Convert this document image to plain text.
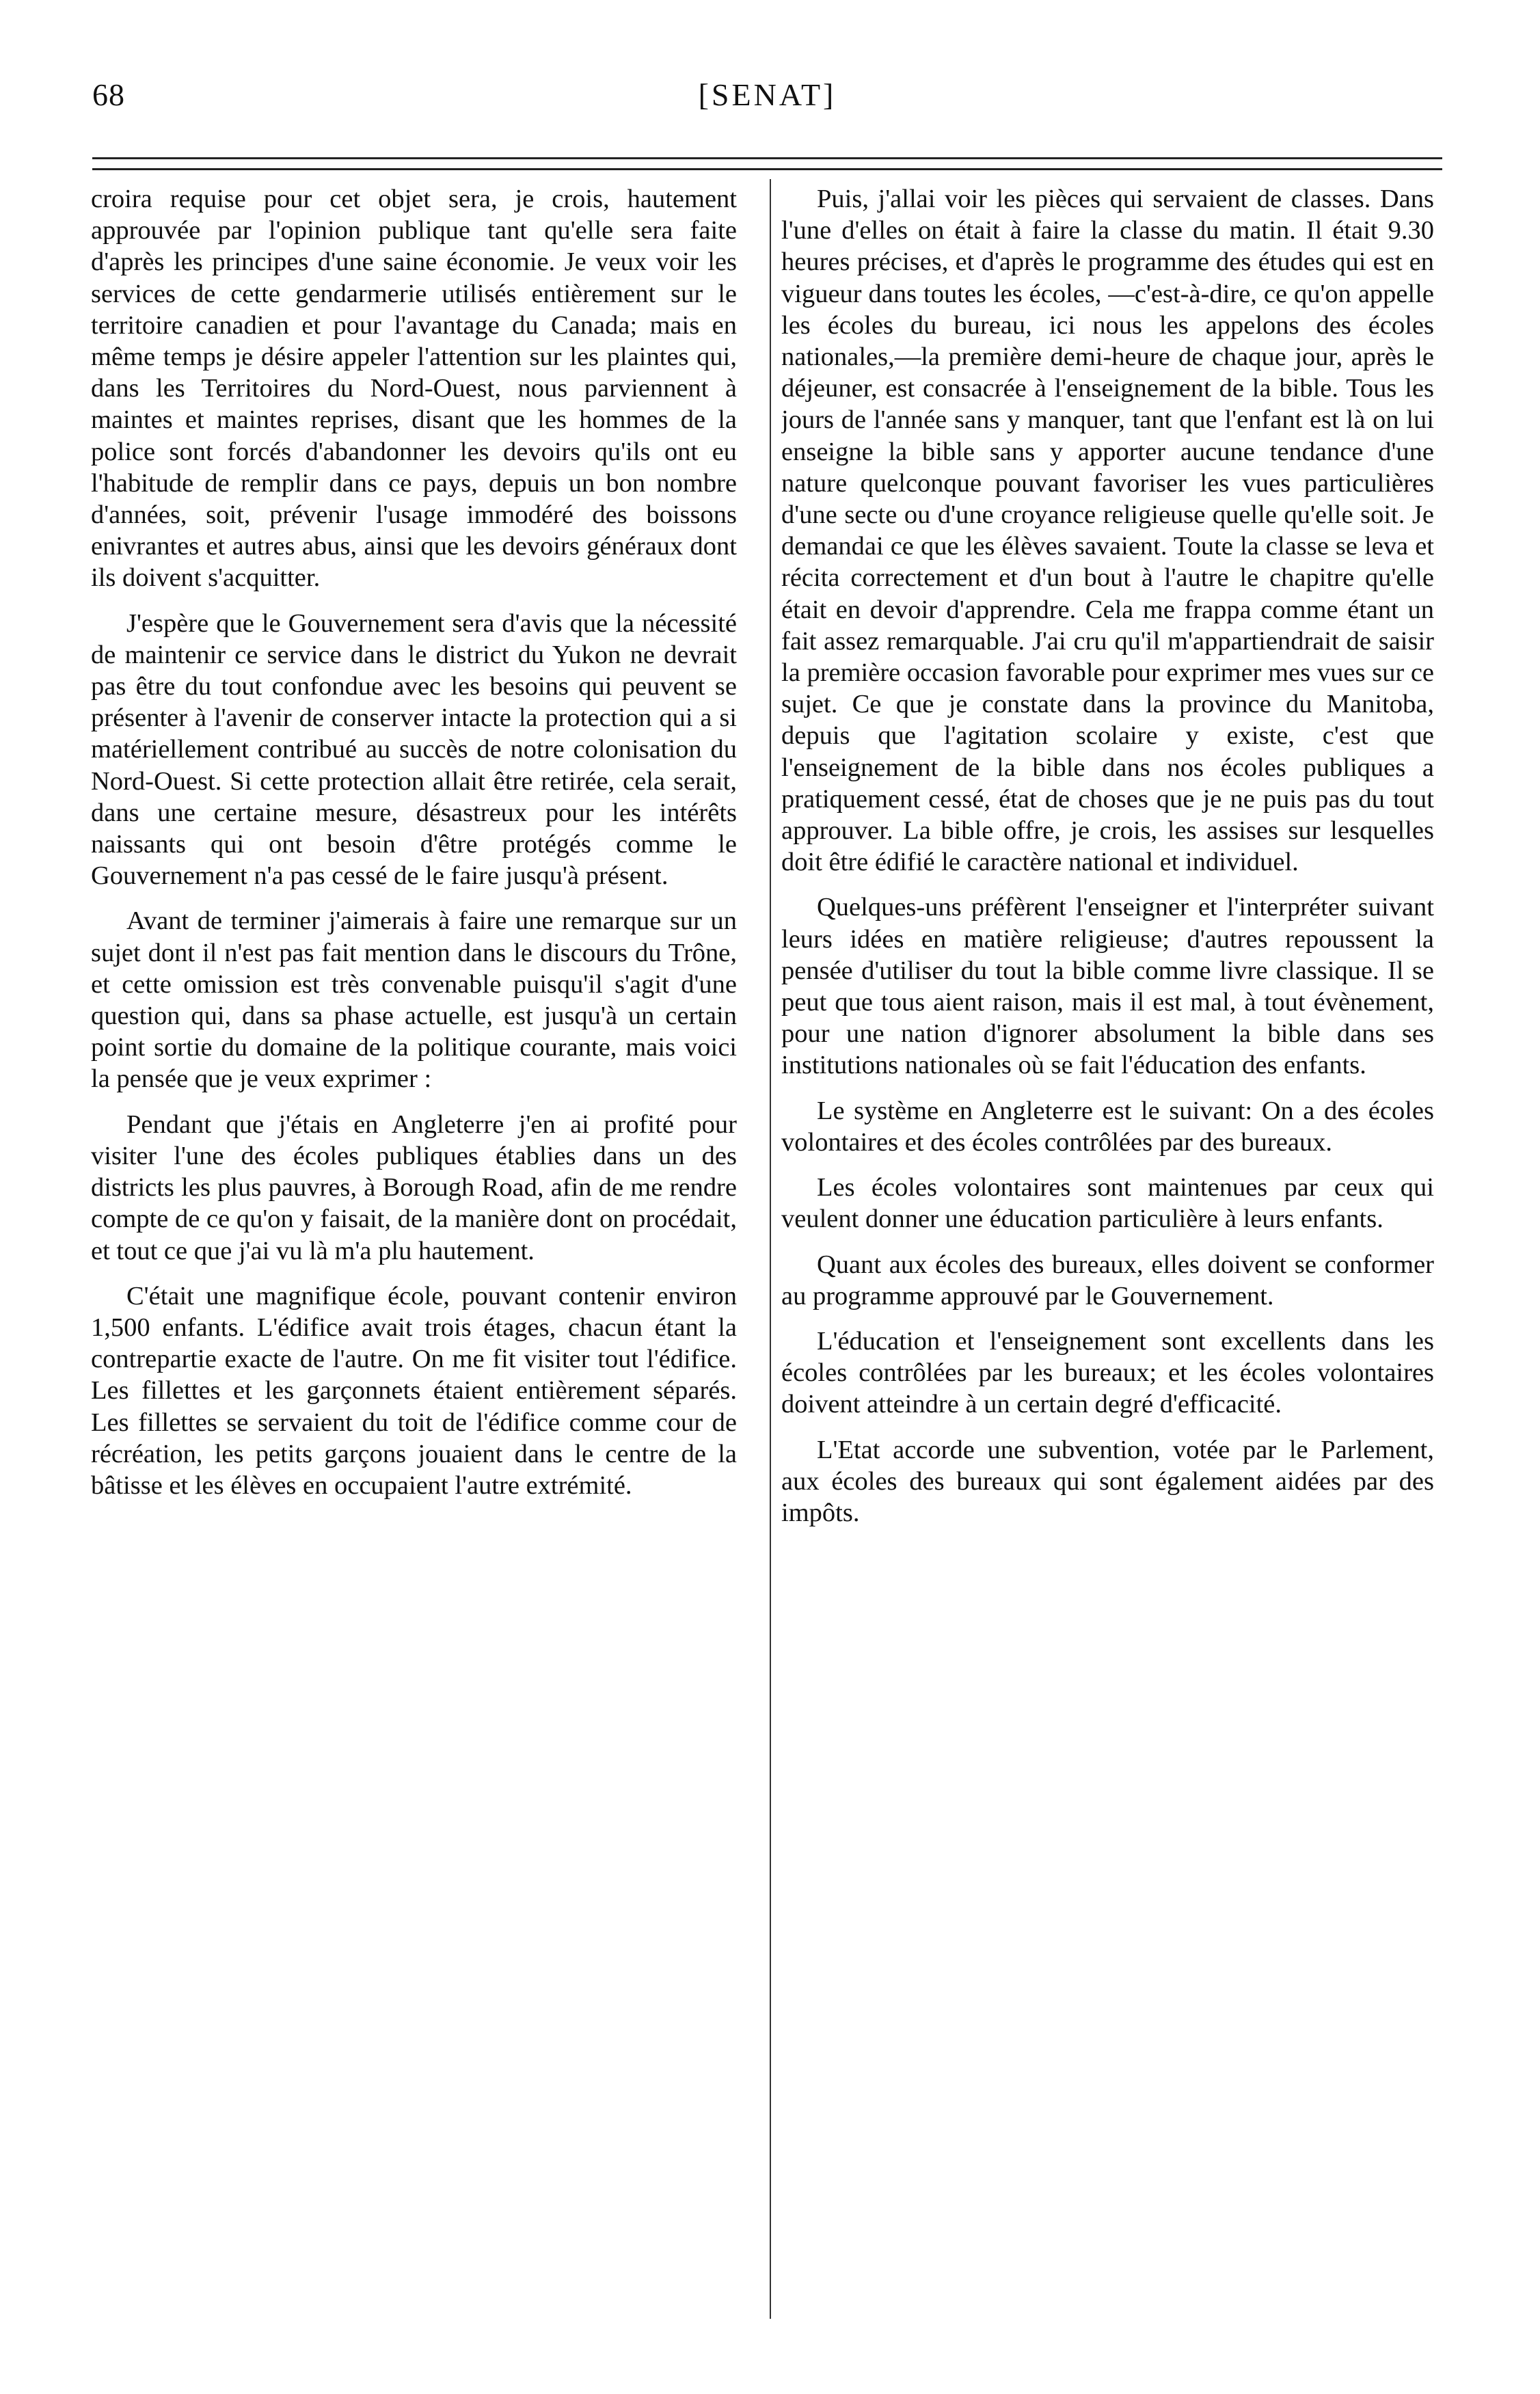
68	[SENAT]

croira requise pour cet objet sera, je crois, hautement approuvée par l'opinion publique tant qu'elle sera faite d'après les principes d'une saine économie. Je veux voir les services de cette gendarmerie utilisés entièrement sur le territoire canadien et pour l'avantage du Canada; mais en même temps je désire appeler l'attention sur les plaintes qui, dans les Territoires du Nord-Ouest, nous parviennent à maintes et maintes reprises, disant que les hommes de la police sont forcés d'abandonner les devoirs qu'ils ont eu l'habitude de remplir dans ce pays, depuis un bon nombre d'années, soit, prévenir l'usage immodéré des boissons enivrantes et autres abus, ainsi que les devoirs généraux dont ils doivent s'acquitter.

J'espère que le Gouvernement sera d'avis que la nécessité de maintenir ce service dans le district du Yukon ne devrait pas être du tout confondue avec les besoins qui peuvent se présenter à l'avenir de conserver intacte la protection qui a si matériellement contribué au succès de notre colonisation du Nord-Ouest. Si cette protection allait être retirée, cela serait, dans une certaine mesure, désastreux pour les intérêts naissants qui ont besoin d'être protégés comme le Gouvernement n'a pas cessé de le faire jusqu'à présent.

Avant de terminer j'aimerais à faire une remarque sur un sujet dont il n'est pas fait mention dans le discours du Trône, et cette omission est très convenable puisqu'il s'agit d'une question qui, dans sa phase actuelle, est jusqu'à un certain point sortie du domaine de la politique courante, mais voici la pensée que je veux exprimer :

Pendant que j'étais en Angleterre j'en ai profité pour visiter l'une des écoles publiques établies dans un des districts les plus pauvres, à Borough Road, afin de me rendre compte de ce qu'on y faisait, de la manière dont on procédait, et tout ce que j'ai vu là m'a plu hautement.

C'était une magnifique école, pouvant contenir environ 1,500 enfants. L'édifice avait trois étages, chacun étant la contrepartie exacte de l'autre. On me fit visiter tout l'édifice. Les fillettes et les garçonnets étaient entièrement séparés. Les fillettes se servaient du toit de l'édifice comme cour de récréation, les petits garçons jouaient dans le centre de la bâtisse et les élèves en occupaient l'autre extrémité.

Puis, j'allai voir les pièces qui servaient de classes. Dans l'une d'elles on était à faire la classe du matin. Il était 9.30 heures précises, et d'après le programme des études qui est en vigueur dans toutes les écoles, —c'est-à-dire, ce qu'on appelle les écoles du bureau, ici nous les appelons des écoles nationales,—la première demi-heure de chaque jour, après le déjeuner, est consacrée à l'enseignement de la bible. Tous les jours de l'année sans y manquer, tant que l'enfant est là on lui enseigne la bible sans y apporter aucune tendance d'une nature quelconque pouvant favoriser les vues particulières d'une secte ou d'une croyance religieuse quelle qu'elle soit. Je demandai ce que les élèves savaient. Toute la classe se leva et récita correctement et d'un bout à l'autre le chapitre qu'elle était en devoir d'apprendre. Cela me frappa comme étant un fait assez remarquable. J'ai cru qu'il m'appartiendrait de saisir la première occasion favorable pour exprimer mes vues sur ce sujet. Ce que je constate dans la province du Manitoba, depuis que l'agitation scolaire y existe, c'est que l'enseignement de la bible dans nos écoles publiques a pratiquement cessé, état de choses que je ne puis pas du tout approuver. La bible offre, je crois, les assises sur lesquelles doit être édifié le caractère national et individuel.

Quelques-uns préfèrent l'enseigner et l'interpréter suivant leurs idées en matière religieuse; d'autres repoussent la pensée d'utiliser du tout la bible comme livre classique. Il se peut que tous aient raison, mais il est mal, à tout évènement, pour une nation d'ignorer absolument la bible dans ses institutions nationales où se fait l'éducation des enfants.

Le système en Angleterre est le suivant: On a des écoles volontaires et des écoles contrôlées par des bureaux.

Les écoles volontaires sont maintenues par ceux qui veulent donner une éducation particulière à leurs enfants.

Quant aux écoles des bureaux, elles doivent se conformer au programme approuvé par le Gouvernement.

L'éducation et l'enseignement sont excellents dans les écoles contrôlées par les bureaux; et les écoles volontaires doivent atteindre à un certain degré d'efficacité.

L'Etat accorde une subvention, votée par le Parlement, aux écoles des bureaux qui sont également aidées par des impôts.
